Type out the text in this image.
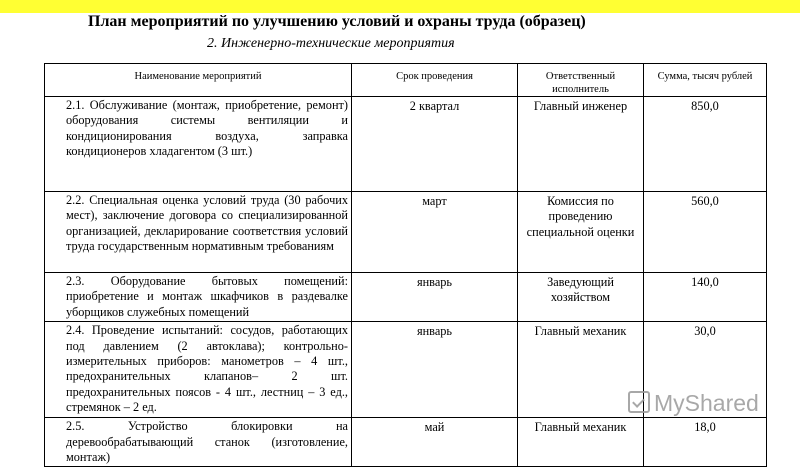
План мероприятий по улучшению условий и охраны труда (образец)
2. Инженерно-технические мероприятия
Наименование мероприятий	Срок проведения	Ответственный исполнитель	Сумма, тысяч рублей

2.1. Обслуживание (монтаж, приобретение, ремонт) оборудования системы вентиляции и кондиционирования воздуха, заправка кондиционеров хладагентом (3 шт.)	2 квартал	Главный инженер	850,0

2.2. Специальная оценка условий труда (30 рабочих мест), заключение договора со специализированной организацией, декларирование соответствия условий труда государственным нормативным требованиям	март	Комиссия по проведению специальной оценки	560,0

2.3. Оборудование бытовых помещений: приобретение и монтаж шкафчиков в раздевалке уборщиков служебных помещений	январь	Заведующий хозяйством	140,0

2.4. Проведение испытаний: сосудов, работающих под давлением (2 автоклава); контрольно-измерительных приборов: манометров – 4 шт., предохранительных клапанов– 2 шт. предохранительных поясов - 4 шт., лестниц – 3 ед., стремянок – 2 ед.	январь	Главный механик	30,0

2.5. Устройство блокировки на деревообрабатывающий станок (изготовление, монтаж)	май	Главный механик	18,0
MyShared
